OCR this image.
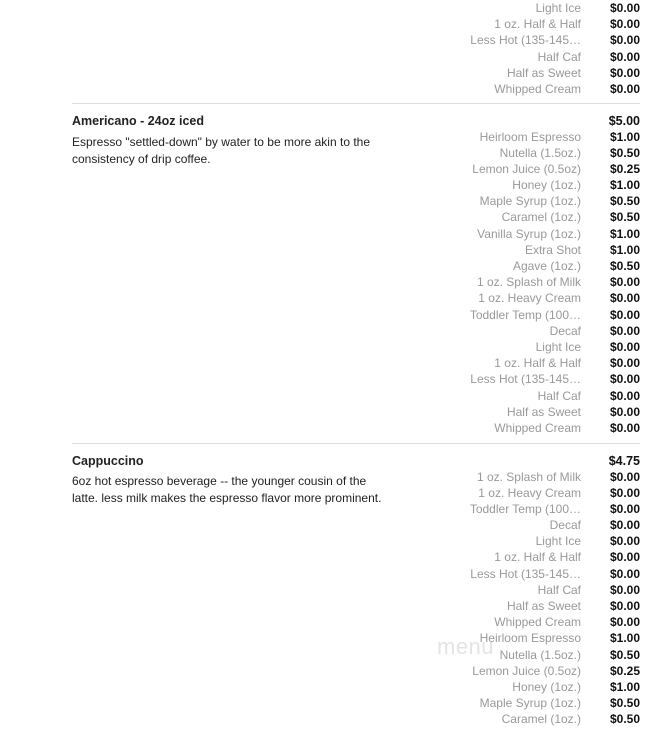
Light Ice	$0.00
1 oz. Half & Half	$0.00
Less Hot (135-145…	$0.00
Half Caf	$0.00
Half as Sweet	$0.00
Whipped Cream	$0.00
Americano - 24oz iced	$5.00
Espresso "settled-down" by water to be more akin to the consistency of drip coffee.
Heirloom Espresso	$1.00
Nutella (1.5oz.)	$0.50
Lemon Juice (0.5oz)	$0.25
Honey (1oz.)	$1.00
Maple Syrup (1oz.)	$0.50
Caramel (1oz.)	$0.50
Vanilla Syrup (1oz.)	$1.00
Extra Shot	$1.00
Agave (1oz.)	$0.50
1 oz. Splash of Milk	$0.00
1 oz. Heavy Cream	$0.00
Toddler Temp (100…	$0.00
Decaf	$0.00
Light Ice	$0.00
1 oz. Half & Half	$0.00
Less Hot (135-145…	$0.00
Half Caf	$0.00
Half as Sweet	$0.00
Whipped Cream	$0.00
Cappuccino	$4.75
6oz hot espresso beverage -- the younger cousin of the latte. less milk makes the espresso flavor more prominent.
1 oz. Splash of Milk	$0.00
1 oz. Heavy Cream	$0.00
Toddler Temp (100…	$0.00
Decaf	$0.00
Light Ice	$0.00
1 oz. Half & Half	$0.00
Less Hot (135-145…	$0.00
Half Caf	$0.00
Half as Sweet	$0.00
Whipped Cream	$0.00
Heirloom Espresso	$1.00
Nutella (1.5oz.)	$0.50
Lemon Juice (0.5oz)	$0.25
Honey (1oz.)	$1.00
Maple Syrup (1oz.)	$0.50
Caramel (1oz.)	$0.50
menu
